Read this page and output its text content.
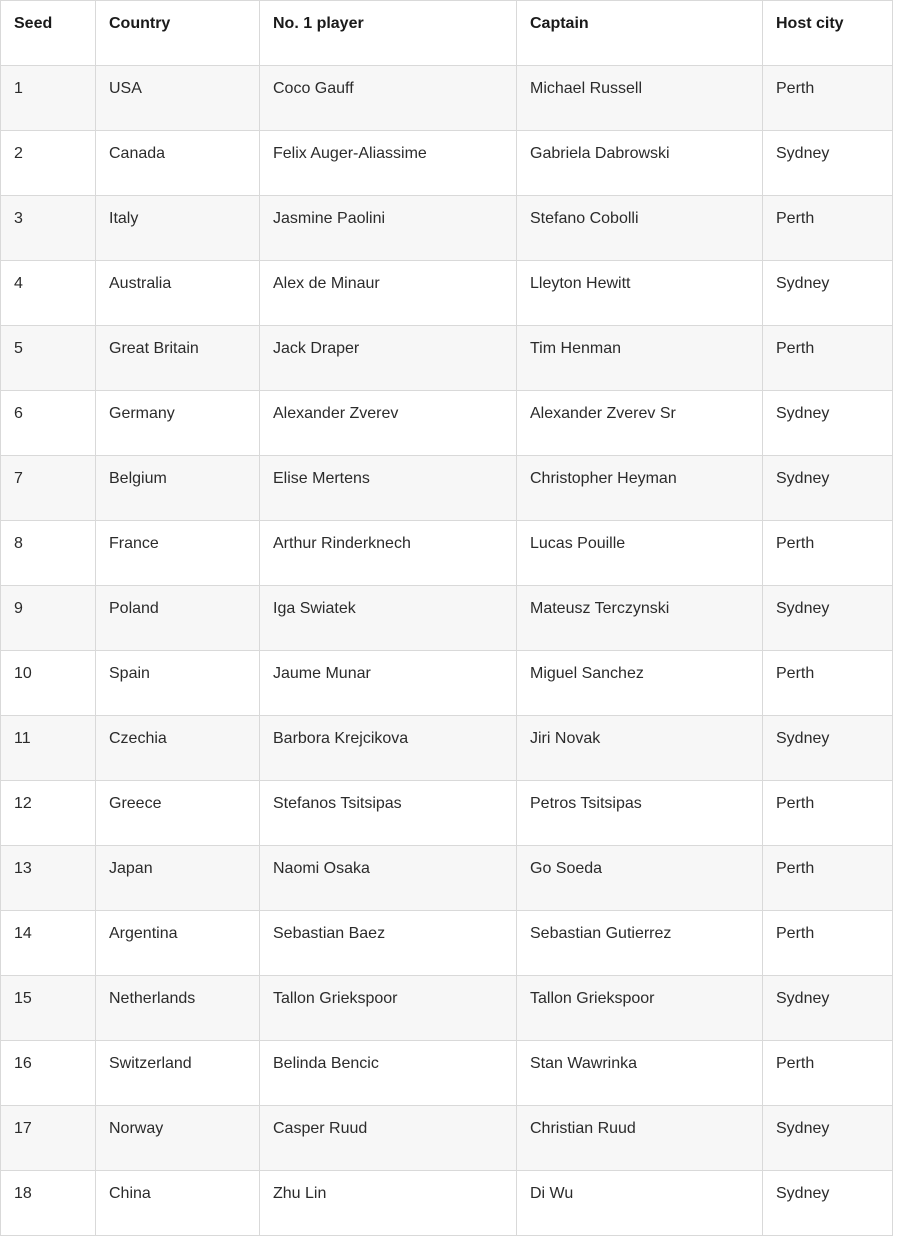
Seed	Country	No. 1 player	Captain	Host city
1	USA	Coco Gauff	Michael Russell	Perth
2	Canada	Felix Auger-Aliassime	Gabriela Dabrowski	Sydney
3	Italy	Jasmine Paolini	Stefano Cobolli	Perth
4	Australia	Alex de Minaur	Lleyton Hewitt	Sydney
5	Great Britain	Jack Draper	Tim Henman	Perth
6	Germany	Alexander Zverev	Alexander Zverev Sr	Sydney
7	Belgium	Elise Mertens	Christopher Heyman	Sydney
8	France	Arthur Rinderknech	Lucas Pouille	Perth
9	Poland	Iga Swiatek	Mateusz Terczynski	Sydney
10	Spain	Jaume Munar	Miguel Sanchez	Perth
11	Czechia	Barbora Krejcikova	Jiri Novak	Sydney
12	Greece	Stefanos Tsitsipas	Petros Tsitsipas	Perth
13	Japan	Naomi Osaka	Go Soeda	Perth
14	Argentina	Sebastian Baez	Sebastian Gutierrez	Perth
15	Netherlands	Tallon Griekspoor	Tallon Griekspoor	Sydney
16	Switzerland	Belinda Bencic	Stan Wawrinka	Perth
17	Norway	Casper Ruud	Christian Ruud	Sydney
18	China	Zhu Lin	Di Wu	Sydney
